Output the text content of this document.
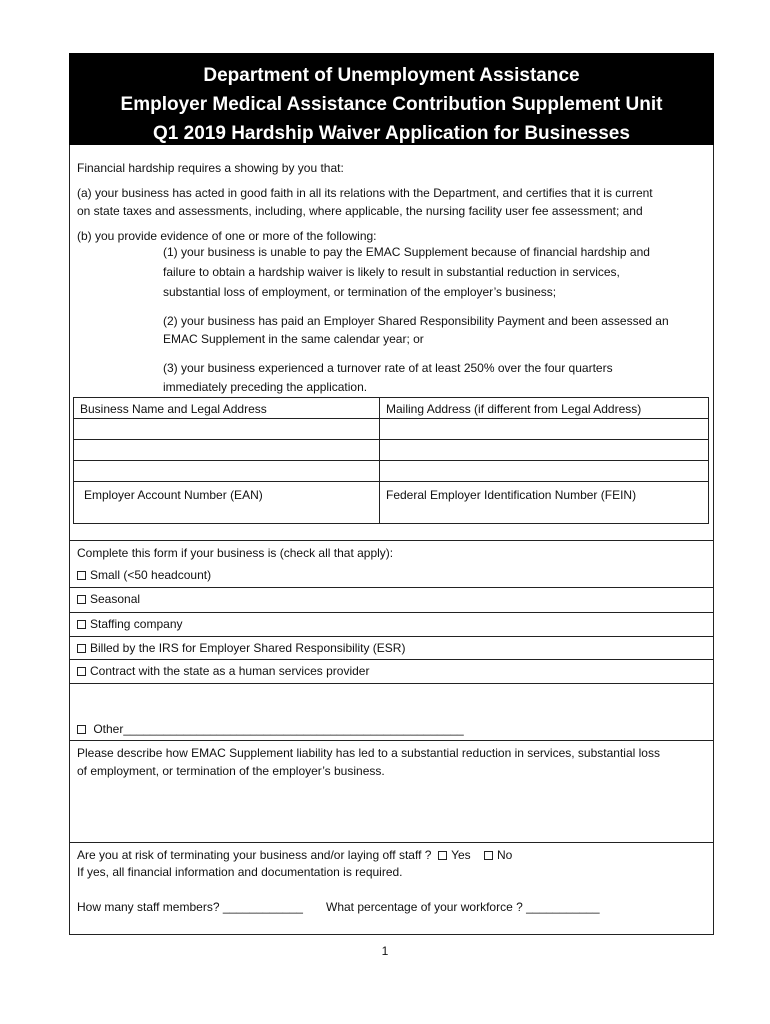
Department of Unemployment Assistance
Employer Medical Assistance Contribution Supplement Unit
Q1 2019 Hardship Waiver Application for Businesses
Financial hardship requires a showing by you that:
(a) your business has acted in good faith in all its relations with the Department, and certifies that it is current
on state taxes and assessments, including, where applicable, the nursing facility user fee assessment; and
(b) you provide evidence of one or more of the following:
(1) your business is unable to pay the EMAC Supplement because of financial hardship and
failure to obtain a hardship waiver is likely to result in substantial reduction in services,
substantial loss of employment, or termination of the employer’s business;
(2) your business has paid an Employer Shared Responsibility Payment and been assessed an
EMAC Supplement in the same calendar year; or
(3) your business experienced a turnover rate of at least 250% over the four quarters
immediately preceding the application.
Business Name and Legal Address	Mailing Address (if different from Legal Address)
Employer Account Number (EAN)	Federal Employer Identification Number (FEIN)
Complete this form if your business is (check all that apply):
Small (<50 headcount)
Seasonal
Staffing company
Billed by the IRS for Employer Shared Responsibility (ESR)
Contract with the state as a human services provider
Other___________________________________________________
Please describe how EMAC Supplement liability has led to a substantial reduction in services, substantial loss
of employment, or termination of the employer’s business.
Are you at risk of terminating your business and/or laying off staff ? Yes No
If yes, all financial information and documentation is required.
How many staff members? ____________ What percentage of your workforce ? ___________
1
